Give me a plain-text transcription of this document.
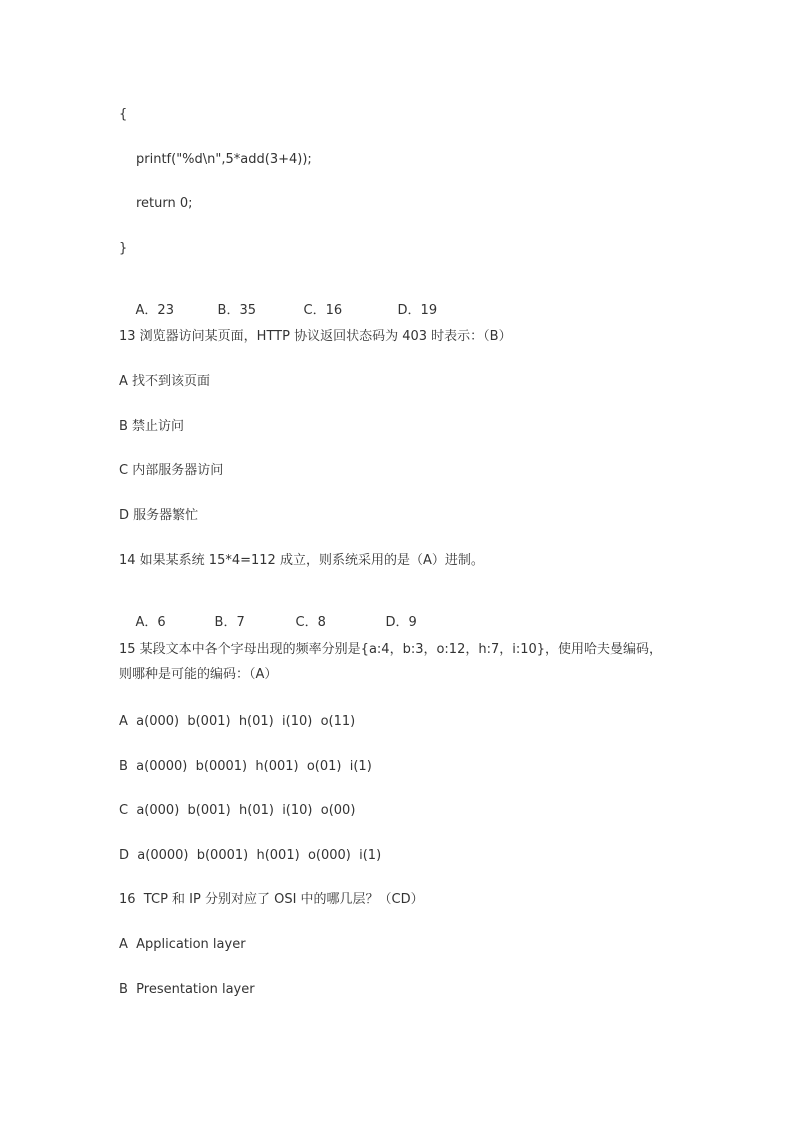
{
printf("%d\n",5*add(3+4));
return 0;
}

A．23	B．35	C．16	D．19

13 浏览器访问某页面，HTTP 协议返回状态码为 403 时表示：（B）
A 找不到该页面
B 禁止访问
C 内部服务器访问
D 服务器繁忙
14 如果某系统 15*4=112 成立，则系统采用的是（A）进制。

A．6	B．7	C．8	D．9

15 某段文本中各个字母出现的频率分别是{a:4，b:3，o:12，h:7，i:10}，使用哈夫曼编码，
则哪种是可能的编码：（A）
A  a(000)  b(001)  h(01)  i(10)  o(11)
B  a(0000)  b(0001)  h(001)  o(01)  i(1)
C  a(000)  b(001)  h(01)  i(10)  o(00)
D  a(0000)  b(0001)  h(001)  o(000)  i(1)
16  TCP 和 IP 分别对应了 OSI 中的哪几层？（CD）
A  Application layer
B  Presentation layer
